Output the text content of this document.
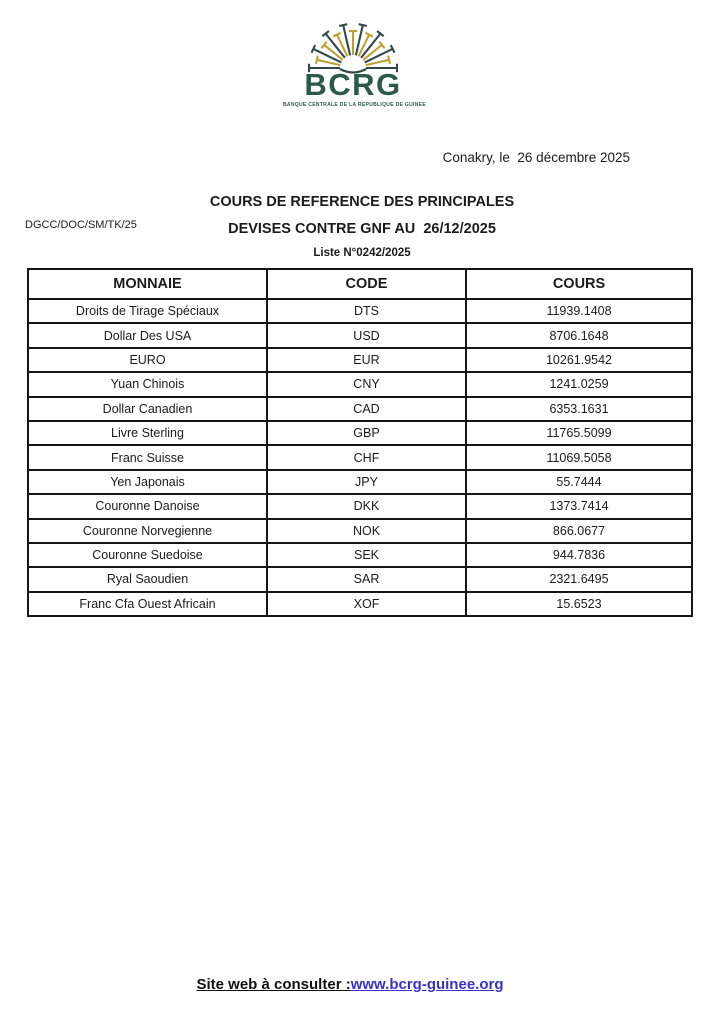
BCRG
BANQUE CENTRALE DE LA REPUBLIQUE DE GUINEE
Conakry, le  26 décembre 2025
DGCC/DOC/SM/TK/25
COURS DE REFERENCE DES PRINCIPALES
DEVISES CONTRE GNF AU  26/12/2025
Liste N°0242/2025
MONNAIE	CODE	COURS
Droits de Tirage Spéciaux	DTS	11939.1408
Dollar Des USA	USD	8706.1648
EURO	EUR	10261.9542
Yuan Chinois	CNY	1241.0259
Dollar Canadien	CAD	6353.1631
Livre Sterling	GBP	11765.5099
Franc Suisse	CHF	11069.5058
Yen Japonais	JPY	55.7444
Couronne Danoise	DKK	1373.7414
Couronne Norvegienne	NOK	866.0677
Couronne Suedoise	SEK	944.7836
Ryal Saoudien	SAR	2321.6495
Franc Cfa Ouest Africain	XOF	15.6523
Site web à consulter :www.bcrg-guinee.org
